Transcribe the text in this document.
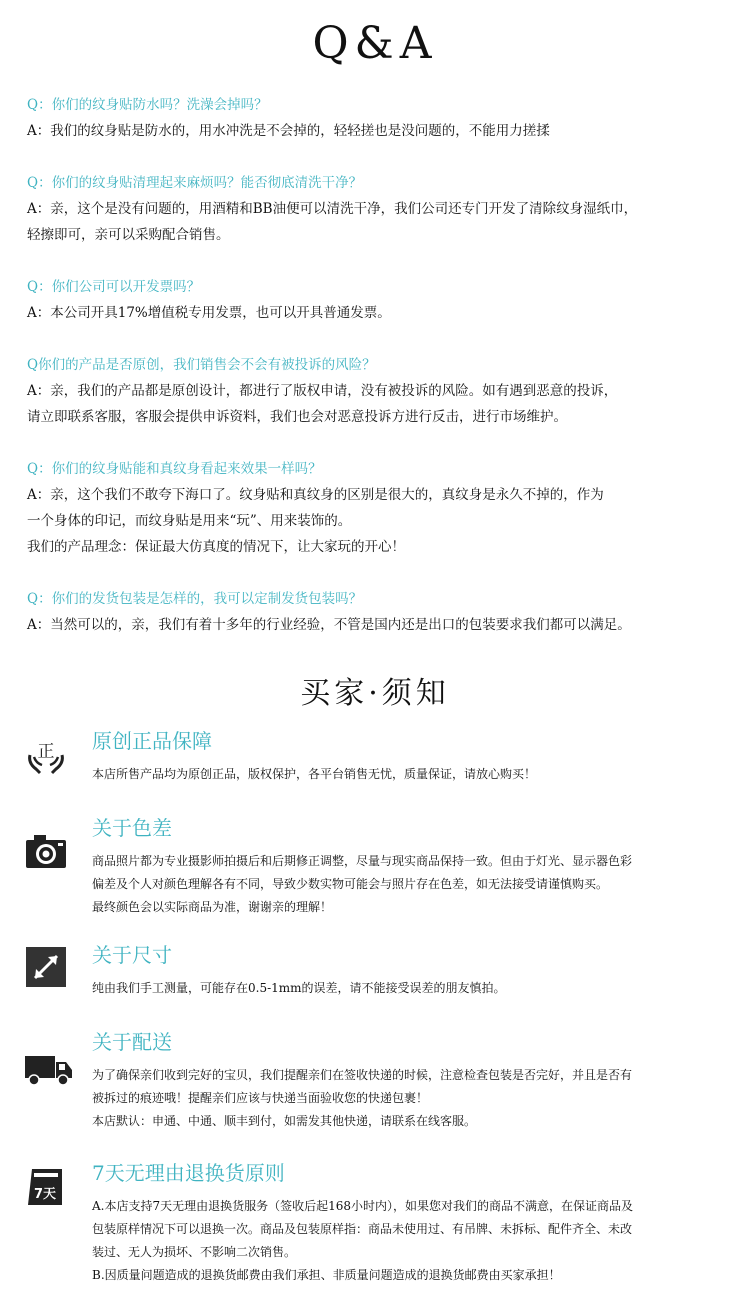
Q&A
Q：你们的纹身贴防水吗？洗澡会掉吗？
A：我们的纹身贴是防水的，用水冲洗是不会掉的，轻轻搓也是没问题的，不能用力搓揉
Q：你们的纹身贴清理起来麻烦吗？能否彻底清洗干净？
A：亲，这个是没有问题的，用酒精和BB油便可以清洗干净，我们公司还专门开发了清除纹身湿纸巾，
轻擦即可，亲可以采购配合销售。
Q：你们公司可以开发票吗？
A：本公司开具17%增值税专用发票，也可以开具普通发票。
Q你们的产品是否原创，我们销售会不会有被投诉的风险？
A：亲，我们的产品都是原创设计，都进行了版权申请，没有被投诉的风险。如有遇到恶意的投诉，
请立即联系客服，客服会提供申诉资料，我们也会对恶意投诉方进行反击，进行市场维护。
Q：你们的纹身贴能和真纹身看起来效果一样吗？
A：亲，这个我们不敢夸下海口了。纹身贴和真纹身的区别是很大的，真纹身是永久不掉的，作为
一个身体的印记，而纹身贴是用来“玩”、用来装饰的。
我们的产品理念：保证最大仿真度的情况下，让大家玩的开心！
Q：你们的发货包装是怎样的，我可以定制发货包装吗？
A：当然可以的，亲，我们有着十多年的行业经验，不管是国内还是出口的包装要求我们都可以满足。
买家·须知
正 原创正品保障

本店所售产品均为原创正品，版权保护，各平台销售无忧，质量保证，请放心购买！

关于色差

商品照片都为专业摄影师拍摄后和后期修正调整，尽量与现实商品保持一致。但由于灯光、显示器色彩
偏差及个人对颜色理解各有不同，导致少数实物可能会与照片存在色差，如无法接受请谨慎购买。
最终颜色会以实际商品为准，谢谢亲的理解！

关于尺寸

纯由我们手工测量，可能存在0.5-1mm的误差，请不能接受误差的朋友慎拍。

关于配送

为了确保亲们收到完好的宝贝，我们提醒亲们在签收快递的时候，注意检查包装是否完好，并且是否有
被拆过的痕迹哦！提醒亲们应该与快递当面验收您的快递包裹！
本店默认：申通、中通、顺丰到付，如需发其他快递，请联系在线客服。

7天
7天无理由退换货原则

A.本店支持7天无理由退换货服务（签收后起168小时内），如果您对我们的商品不满意，在保证商品及
包装原样情况下可以退换一次。商品及包装原样指：商品未使用过、有吊牌、未拆标、配件齐全、未改
装过、无人为损坏、不影响二次销售。
B.因质量问题造成的退换货邮费由我们承担、非质量问题造成的退换货邮费由买家承担！
